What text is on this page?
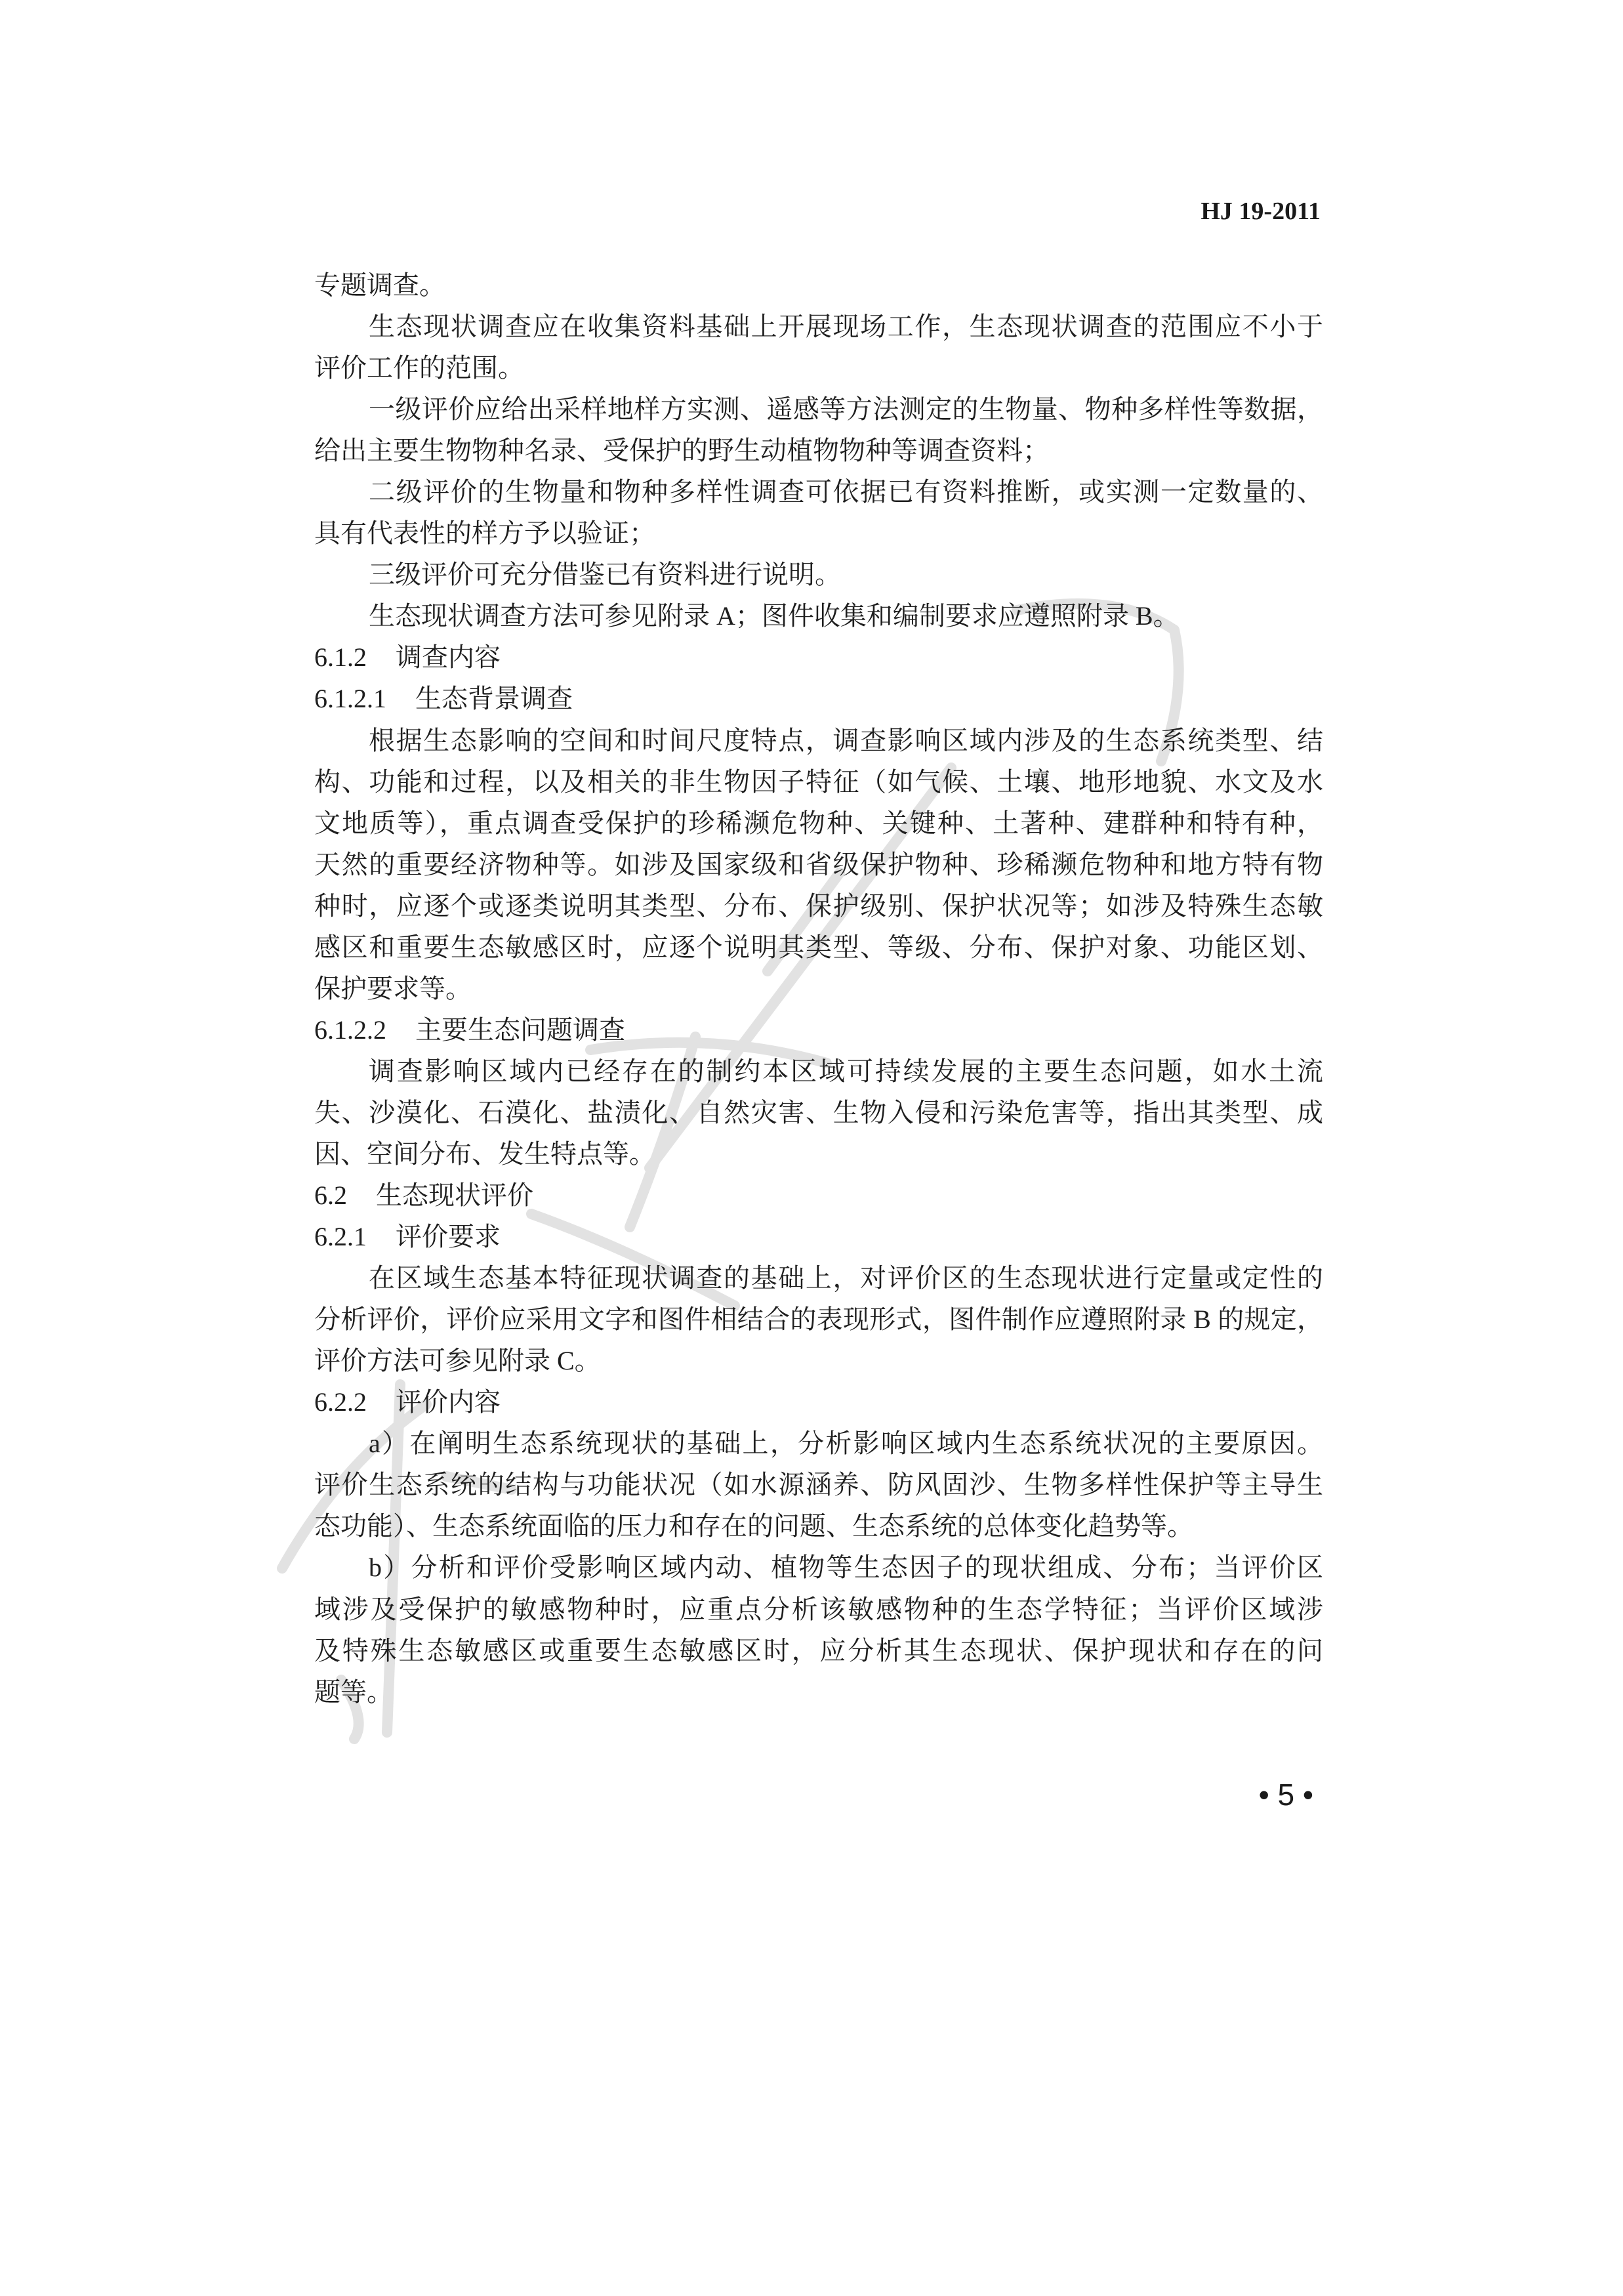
HJ 19-2011
专题调查。
生态现状调查应在收集资料基础上开展现场工作，生态现状调查的范围应不小于
评价工作的范围。
一级评价应给出采样地样方实测、遥感等方法测定的生物量、物种多样性等数据，
给出主要生物物种名录、受保护的野生动植物物种等调查资料；
二级评价的生物量和物种多样性调查可依据已有资料推断，或实测一定数量的、
具有代表性的样方予以验证；
三级评价可充分借鉴已有资料进行说明。
生态现状调查方法可参见附录 A；图件收集和编制要求应遵照附录 B。
6.1.2 调查内容
6.1.2.1 生态背景调查
根据生态影响的空间和时间尺度特点，调查影响区域内涉及的生态系统类型、结
构、功能和过程，以及相关的非生物因子特征（如气候、土壤、地形地貌、水文及水
文地质等），重点调查受保护的珍稀濒危物种、关键种、土著种、建群种和特有种，
天然的重要经济物种等。如涉及国家级和省级保护物种、珍稀濒危物种和地方特有物
种时，应逐个或逐类说明其类型、分布、保护级别、保护状况等；如涉及特殊生态敏
感区和重要生态敏感区时，应逐个说明其类型、等级、分布、保护对象、功能区划、
保护要求等。
6.1.2.2 主要生态问题调查
调查影响区域内已经存在的制约本区域可持续发展的主要生态问题，如水土流
失、沙漠化、石漠化、盐渍化、自然灾害、生物入侵和污染危害等，指出其类型、成
因、空间分布、发生特点等。
6.2 生态现状评价
6.2.1 评价要求
在区域生态基本特征现状调查的基础上，对评价区的生态现状进行定量或定性的
分析评价，评价应采用文字和图件相结合的表现形式，图件制作应遵照附录 B 的规定，
评价方法可参见附录 C。
6.2.2 评价内容
a）在阐明生态系统现状的基础上，分析影响区域内生态系统状况的主要原因。
评价生态系统的结构与功能状况（如水源涵养、防风固沙、生物多样性保护等主导生
态功能）、生态系统面临的压力和存在的问题、生态系统的总体变化趋势等。
b）分析和评价受影响区域内动、植物等生态因子的现状组成、分布；当评价区
域涉及受保护的敏感物种时，应重点分析该敏感物种的生态学特征；当评价区域涉
及特殊生态敏感区或重要生态敏感区时，应分析其生态现状、保护现状和存在的问
题等。
• 5 •
